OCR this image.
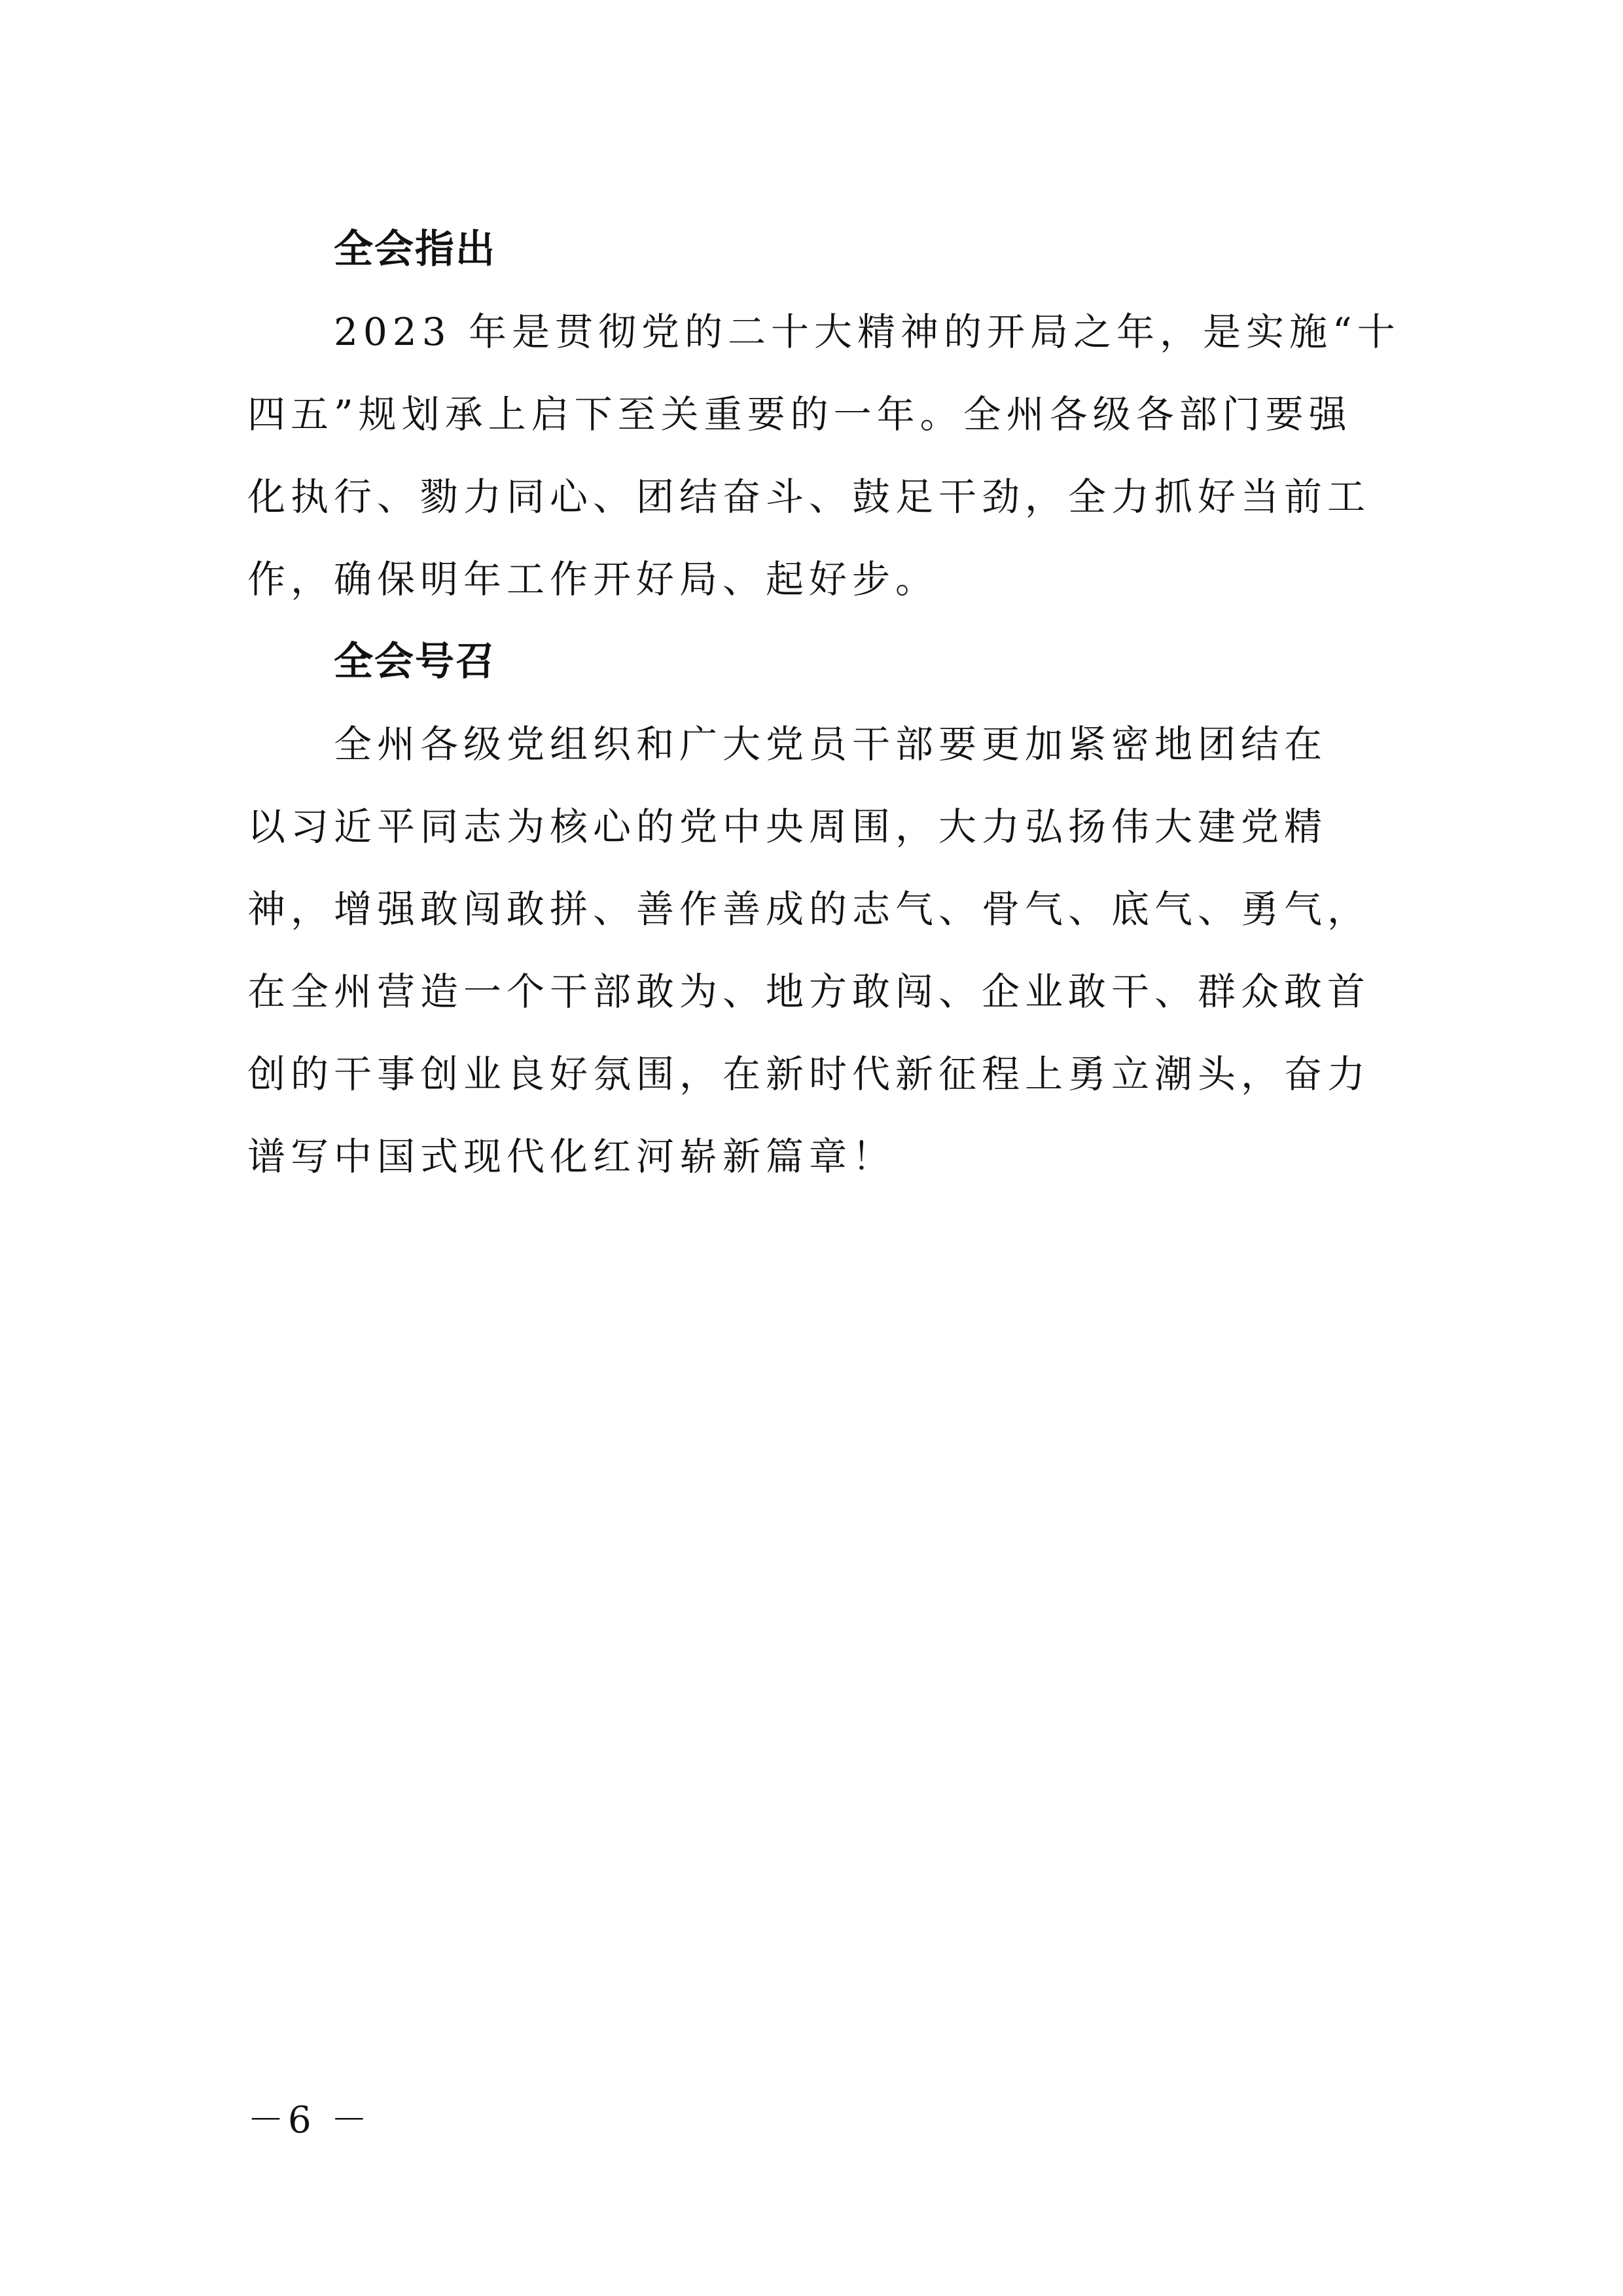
全会指出

2023 年是贯彻党的二十大精神的开局之年，是实施“十
四五”规划承上启下至关重要的一年。全州各级各部门要强
化执行、勠力同心、团结奋斗、鼓足干劲，全力抓好当前工
作，确保明年工作开好局、起好步。

全会号召

全州各级党组织和广大党员干部要更加紧密地团结在
以习近平同志为核心的党中央周围，大力弘扬伟大建党精
神，增强敢闯敢拼、善作善成的志气、骨气、底气、勇气，
在全州营造一个干部敢为、地方敢闯、企业敢干、群众敢首
创的干事创业良好氛围，在新时代新征程上勇立潮头，奋力
谱写中国式现代化红河崭新篇章！

－6 －
